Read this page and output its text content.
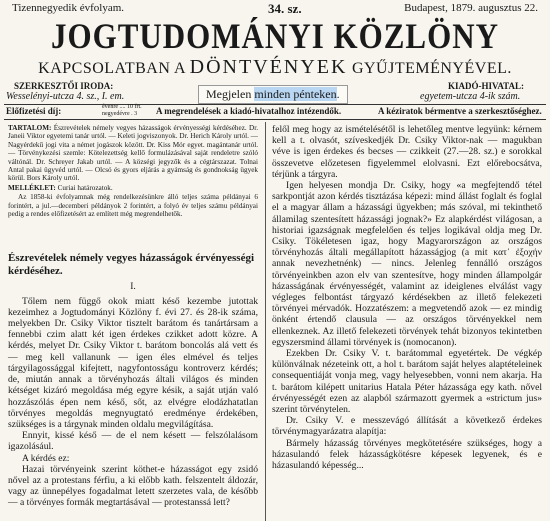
Tizennegyedik évfolyam.	34. sz.	Budapest, 1879. augusztus 22.
JOGTUDOMÁNYI KÖZLÖNY
KAPCSOLATBAN A DÖNTVÉNYEK GYŰJTEMÉNYÉVEL.
SZERKESZTŐI IRODA:
Wesselényi-utcza 4. sz., I. em.	Megjelen minden pénteken.
KIADÓ-HIVATAL:
egyetem-utcza 4-ik szám.
Előfizetési díj:	évenre .... 10 frt.
negyedévre . 3	A megrendelések a kiadó-hivatalhoz intézendők.	A kéziratok bérmentve a szerkesztőséghez.

TARTALOM: Észrevételek némely vegyes házasságok érvényességi kérdéséhez. Dr. Janeii Viktor egyetemi tanár urtól. — Keleti jogviszonyok. Dr. Herich Károly urtól. — Nagyérdekű jogi vita a német jogászok között. Dr. Kiss Mór egyet. magántanár urtól. — Törvénykezési szemle: Kötelezettség kellő formulázásával saját rendeletre szóló váltónál. Dr. Schreyer Jakab urtól. — A községi jegyzők és a cégtárszazat. Tolnai Antal pakai ügyvéd urtól. — Olcsó és gyors eljárás a gyámság és gondnokság ügyek körül. Bors Károly urtól.

MELLÉKLET: Curiai határozatok.

Az 1858-ki évfolyamnak még rendelkezésünkre álló teljes száma példányai 6 forintért, a jul.—decemberi példányok 2 forintért, a folyó év teljes számu példányai pedig a rendes előfizetésért az említett még megrendelhetők.

Észrevételek némely vegyes házasságok érvényességi kérdéséhez.
I.

Tőlem nem függő okok miatt késő kezembe jutottak kezeimhez a Jogtudományi Közlöny f. évi 27. és 28-ik száma, melyekben Dr. Csiky Viktor tisztelt barátom és tanártársam a fennebbi czim alatt két igen érdekes czikket adott közre. A kérdés, melyet Dr. Csiky Viktor t. barátom boncolás alá vett és — meg kell vallanunk — igen éles elmével és teljes tárgyilagossággal kifejtett, nagyfontosságu kontroverz kérdés; de, miután annak a törvényhozás általi világos és minden kétséget kizáró megoldása még egyre késik, a saját utján való hozzászólás épen nem késő, sőt, az elvégre elodázhatatlan törvényes megoldás megnyugtató eredménye érdekében, szükséges is a tárgynak minden oldalu megvilágítása.

Ennyit, kissé késő — de el nem késett — felszólalásom igazolásául.

A kérdés ez:

Hazai törvényeink szerint köthet-e házasságot egy zsidó nővel az a protestans férfiu, a ki előbb kath. felszentelt áldozár, vagy az ünnepélyes fogadalmat letett szerzetes vala, de később — a törvényes formák megtartásával — protestanssá lett?

felől meg hogy az ismételésétől is lehetőleg mentve legyünk: kérnem kell a t. olvasót, szíveskedjék Dr. Csiky Viktor-nak — magukban véve is igen érdekes és becses — czikkeit (27.—28. sz.) e sorokkal összevetve előzetesen figyelemmel elolvasni. Ezt előrebocsátva, térjünk a tárgyra.

Igen helyesen mondja Dr. Csiky, hogy «a megfejtendő tétel sarkpontját azon kérdés tisztázása képezi: mind állást foglalt és foglal el a magyar állam a házassági ügyekben; más szóval, mi tekinthető államilag szentesített házassági jognak?» Ez alapkérdést világosan, a historiai igazságnak megfelelően és teljes logikával oldja meg Dr. Csiky. Tökéletesen igaz, hogy Magyarországon az országos törvényhozás általi megállapított házasságjog (a mit κατ᾽ ἐξοχήν annak nevezhetnénk) — nincs. Jelenleg fennálló országos törvényeinkben azon elv van szentesítve, hogy minden állampolgár házasságának érvényességét, valamint az ideiglenes elválást vagy végleges felbontást tárgyazó kérdésekben az illető felekezeti törvényei mérvadók. Hozzatészem: a megvetendő azok — ez mindig önként értendő clausula — az országos törvényekkel nem ellenkeznek. Az illető felekezeti törvények tehát bizonyos tekintetben egyszersmind állami törvények is (nomocanon).

Ezekben Dr. Csiky V. t. barátommal egyetértek. De végkép különválnak nézeteink ott, a hol t. barátom saját helyes alaptételeinek consequentiáját vonja meg, vagy helyesebben, vonni nem akarja. Ha t. barátom kilépett unitarius Hatala Péter házassága egy kath. nővel érvényességét ezen az alapból származott gyermek a «strictum jus» szerint törvénytelen.

Dr. Csiky V. e messzevágó állítását a következő érdekes törvénymagyarázatra alapítja:

Bármely házasság törvényes megkötetésére szükséges, hogy a házasulandó felek házasságkötésre képesek legyenek, és e házasulandó képesség...
